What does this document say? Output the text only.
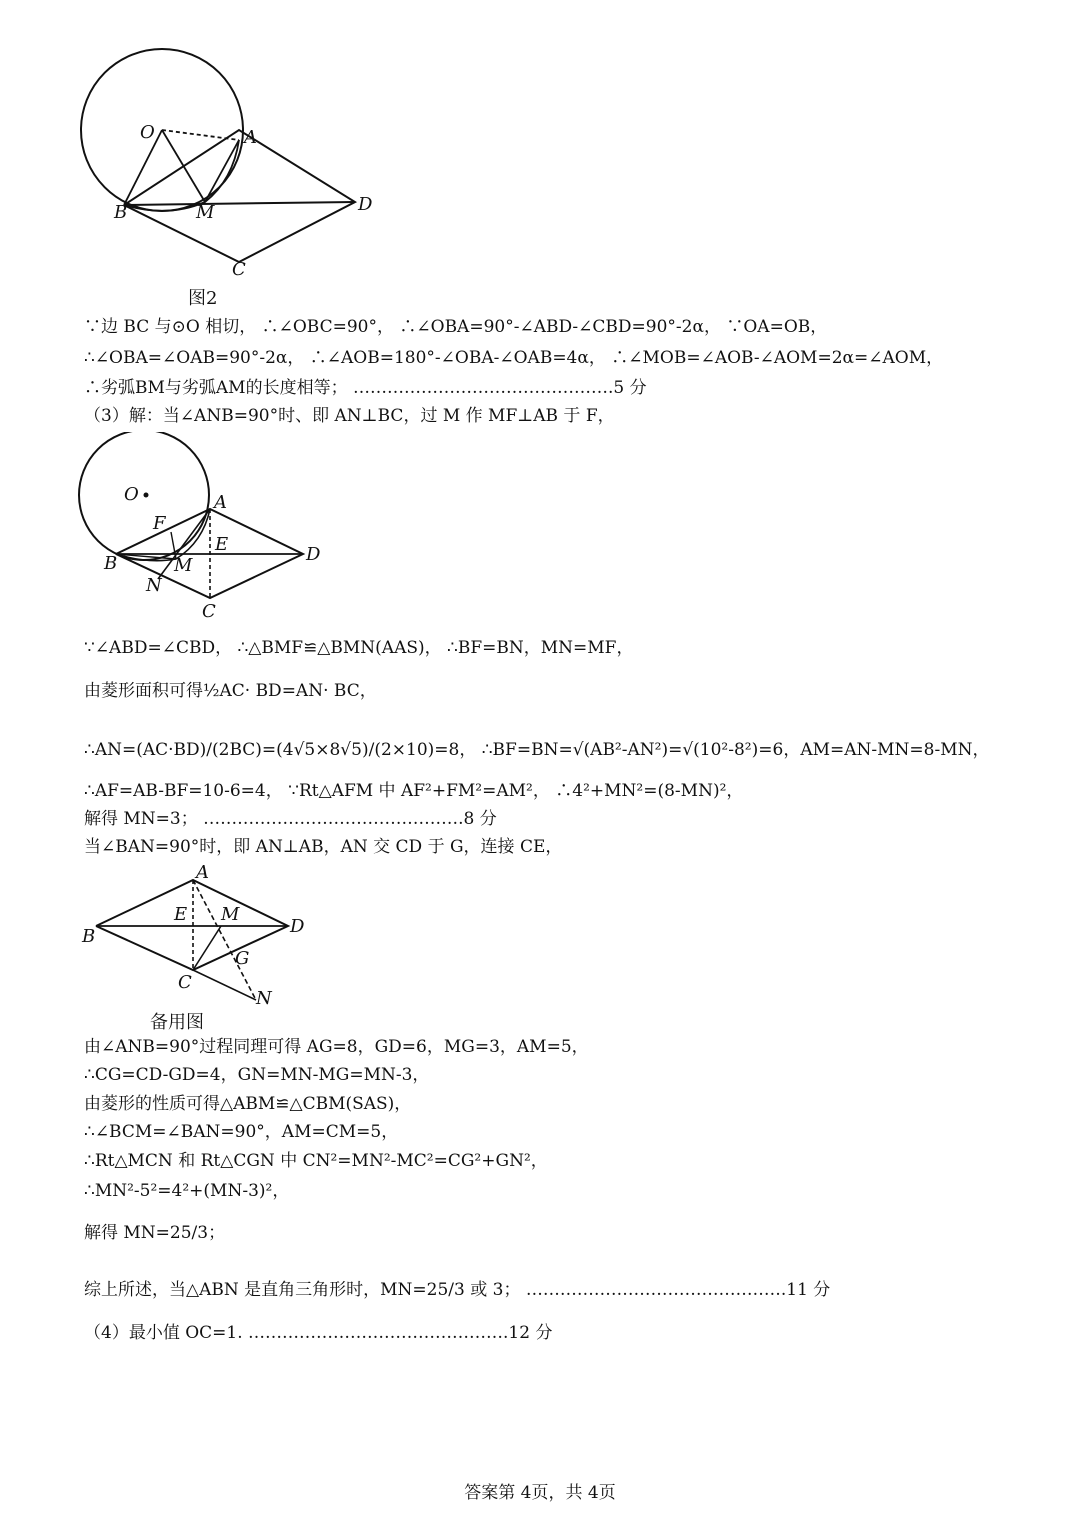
O	A
B	M	D
C
图2
∵边 BC 与⊙O 相切， ∴∠OBC=90°， ∴∠OBA=90°-∠ABD-∠CBD=90°-2α， ∵OA=OB，
∴∠OBA=∠OAB=90°-2α， ∴∠AOB=180°-∠OBA-∠OAB=4α， ∴∠MOB=∠AOB-∠AOM=2α=∠AOM，
∴劣弧BM与劣弧AM的长度相等； ……………………………………….5 分
（3）解：当∠ANB=90°时、即 AN⊥BC，过 M 作 MF⊥AB 于 F，
O	A
F
E	D
B	M
N
C
∵∠ABD=∠CBD， ∴△BMF≌△BMN(AAS)， ∴BF=BN，MN=MF，
由菱形面积可得½AC· BD=AN· BC，
∴AN=(AC·BD)/(2BC)=(4√5×8√5)/(2×10)=8， ∴BF=BN=√(AB²-AN²)=√(10²-8²)=6，AM=AN-MN=8-MN，
∴AF=AB-BF=10-6=4， ∵Rt△AFM 中 AF²+FM²=AM²， ∴4²+MN²=(8-MN)²，
解得 MN=3； ……………………………………….8 分
当∠BAN=90°时，即 AN⊥AB，AN 交 CD 于 G，连接 CE，
A
E M
B	D
G
C
N
备用图
由∠ANB=90°过程同理可得 AG=8，GD=6，MG=3，AM=5，
∴CG=CD-GD=4，GN=MN-MG=MN-3，
由菱形的性质可得△ABM≌△CBM(SAS)，
∴∠BCM=∠BAN=90°，AM=CM=5，
∴Rt△MCN 和 Rt△CGN 中 CN²=MN²-MC²=CG²+GN²，
∴MN²-5²=4²+(MN-3)²，
解得 MN=25/3；
综上所述，当△ABN 是直角三角形时，MN=25/3 或 3； ……………………………………….11 分
（4）最小值 OC=1. ……………………………………….12 分
答案第 4页，共 4页
